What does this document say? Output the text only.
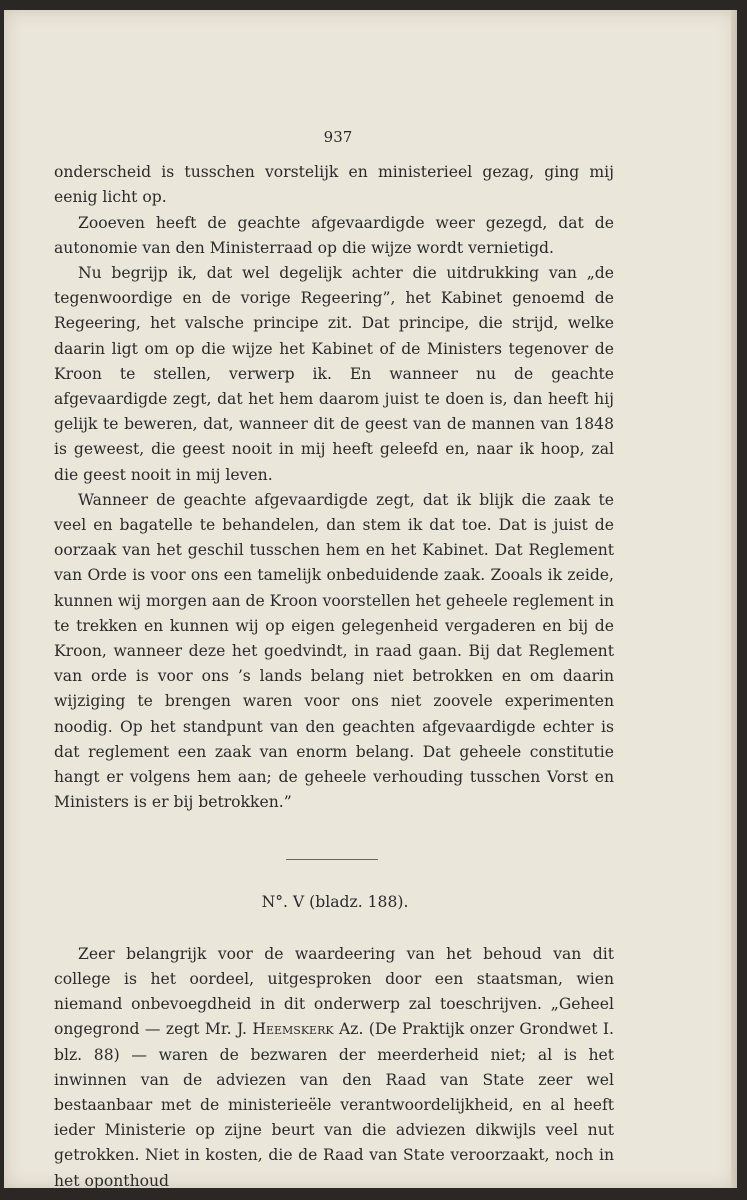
937

onderscheid is tusschen vorstelijk en ministerieel gezag, ging mij eenig licht op.

Zooeven heeft de geachte afgevaardigde weer gezegd, dat de autonomie van den Ministerraad op die wijze wordt vernietigd.

Nu begrijp ik, dat wel degelijk achter die uitdrukking van „de tegenwoordige en de vorige Regeering”, het Kabinet genoemd de Regeering, het valsche principe zit. Dat principe, die strijd, welke daarin ligt om op die wijze het Kabinet of de Ministers tegenover de Kroon te stellen, verwerp ik. En wanneer nu de geachte afgevaardigde zegt, dat het hem daarom juist te doen is, dan heeft hij gelijk te beweren, dat, wanneer dit de geest van de mannen van 1848 is geweest, die geest nooit in mij heeft geleefd en, naar ik hoop, zal die geest nooit in mij leven.

Wanneer de geachte afgevaardigde zegt, dat ik blijk die zaak te veel en bagatelle te behandelen, dan stem ik dat toe. Dat is juist de oorzaak van het geschil tusschen hem en het Kabinet. Dat Reglement van Orde is voor ons een tamelijk onbeduidende zaak. Zooals ik zeide, kunnen wij morgen aan de Kroon voorstellen het geheele reglement in te trekken en kunnen wij op eigen gelegenheid vergaderen en bij de Kroon, wanneer deze het goedvindt, in raad gaan. Bij dat Reglement van orde is voor ons ’s lands belang niet betrokken en om daarin wijziging te brengen waren voor ons niet zoovele experimenten noodig. Op het standpunt van den geachten afgevaardigde echter is dat reglement een zaak van enorm belang. Dat geheele constitutie hangt er volgens hem aan; de geheele verhouding tusschen Vorst en Ministers is er bij betrokken.”

N°. V (bladz. 188).

Zeer belangrijk voor de waardeering van het behoud van dit college is het oordeel, uitgesproken door een staatsman, wien niemand onbevoegdheid in dit onderwerp zal toeschrijven. „Geheel ongegrond — zegt Mr. J. Heemskerk Az. (De Praktijk onzer Grondwet I. blz. 88) — waren de bezwaren der meerderheid niet; al is het inwinnen van de adviezen van den Raad van State zeer wel bestaanbaar met de ministerieële verantwoordelijkheid, en al heeft ieder Ministerie op zijne beurt van die adviezen dikwijls veel nut getrokken. Niet in kosten, die de Raad van State veroorzaakt, noch in het oponthoud
